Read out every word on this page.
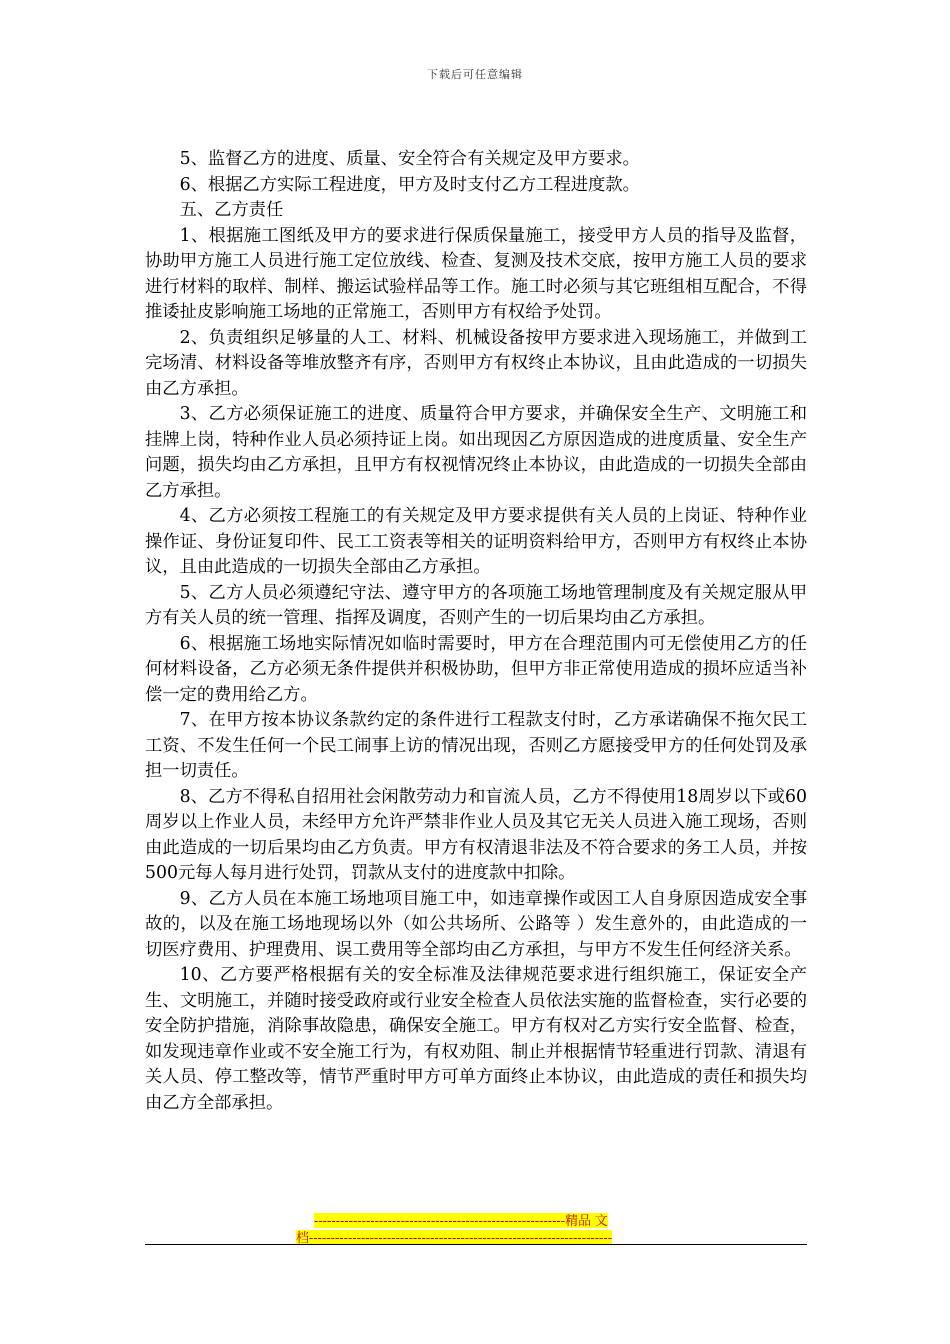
下载后可任意编辑

5、监督乙方的进度、质量、安全符合有关规定及甲方要求。

6、根据乙方实际工程进度，甲方及时支付乙方工程进度款。

五、乙方责任

1、根据施工图纸及甲方的要求进行保质保量施工，接受甲方人员的指导及监督，协助甲方施工人员进行施工定位放线、检查、复测及技术交底，按甲方施工人员的要求进行材料的取样、制样、搬运试验样品等工作。施工时必须与其它班组相互配合，不得推诿扯皮影响施工场地的正常施工，否则甲方有权给予处罚。

2、负责组织足够量的人工、材料、机械设备按甲方要求进入现场施工，并做到工完场清、材料设备等堆放整齐有序，否则甲方有权终止本协议，且由此造成的一切损失由乙方承担。

3、乙方必须保证施工的进度、质量符合甲方要求，并确保安全生产、文明施工和挂牌上岗，特种作业人员必须持证上岗。如出现因乙方原因造成的进度质量、安全生产问题，损失均由乙方承担，且甲方有权视情况终止本协议，由此造成的一切损失全部由乙方承担。

4、乙方必须按工程施工的有关规定及甲方要求提供有关人员的上岗证、特种作业操作证、身份证复印件、民工工资表等相关的证明资料给甲方，否则甲方有权终止本协议，且由此造成的一切损失全部由乙方承担。

5、乙方人员必须遵纪守法、遵守甲方的各项施工场地管理制度及有关规定服从甲方有关人员的统一管理、指挥及调度，否则产生的一切后果均由乙方承担。

6、根据施工场地实际情况如临时需要时，甲方在合理范围内可无偿使用乙方的任何材料设备，乙方必须无条件提供并积极协助，但甲方非正常使用造成的损坏应适当补偿一定的费用给乙方。

7、在甲方按本协议条款约定的条件进行工程款支付时，乙方承诺确保不拖欠民工工资、不发生任何一个民工闹事上访的情况出现，否则乙方愿接受甲方的任何处罚及承担一切责任。

8、乙方不得私自招用社会闲散劳动力和盲流人员，乙方不得使用18周岁以下或60周岁以上作业人员，未经甲方允许严禁非作业人员及其它无关人员进入施工现场，否则由此造成的一切后果均由乙方负责。甲方有权清退非法及不符合要求的务工人员，并按500元每人每月进行处罚，罚款从支付的进度款中扣除。

9、乙方人员在本施工场地项目施工中，如违章操作或因工人自身原因造成安全事故的，以及在施工场地现场以外（如公共场所、公路等 ）发生意外的，由此造成的一切医疗费用、护理费用、误工费用等全部均由乙方承担，与甲方不发生任何经济关系。

10、乙方要严格根据有关的安全标准及法律规范要求进行组织施工，保证安全产生、文明施工，并随时接受政府或行业安全检查人员依法实施的监督检查，实行必要的安全防护措施，消除事故隐患，确保安全施工。甲方有权对乙方实行安全监督、检查，如发现违章作业或不安全施工行为，有权劝阻、制止并根据情节轻重进行罚款、清退有关人员、停工整改等，情节严重时甲方可单方面终止本协议，由此造成的责任和损失均由乙方全部承担。

----------------------------------------------------------精品 文
档----------------------------------------------------------------------
